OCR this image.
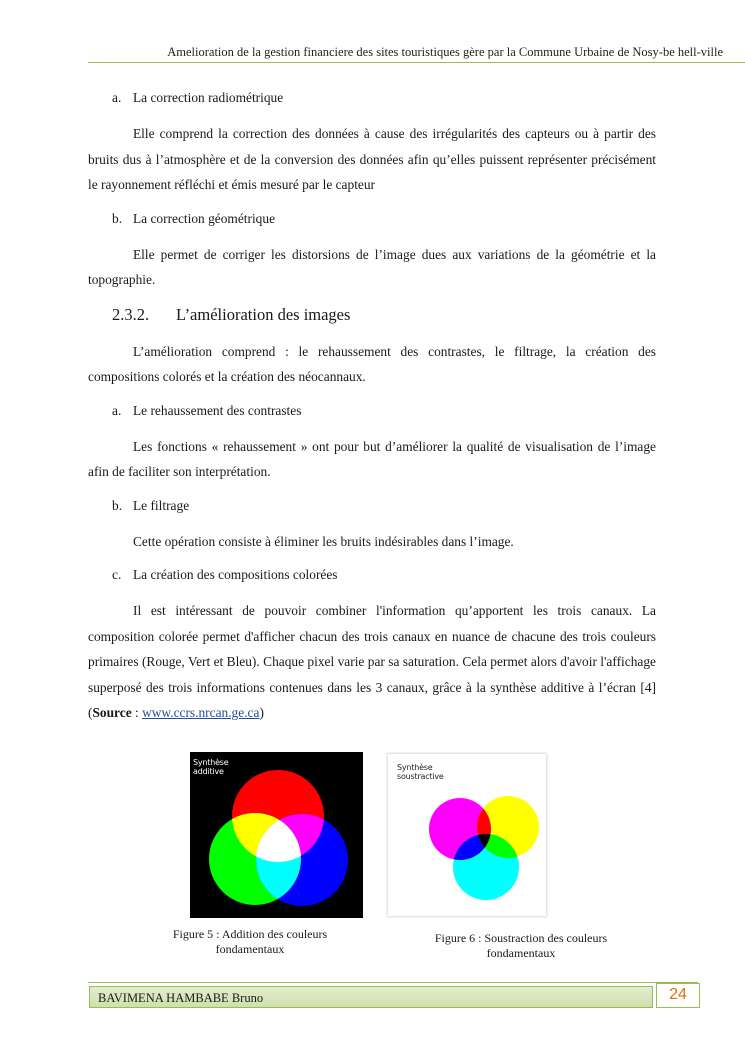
Amelioration de la gestion financiere des sites touristiques gère par la Commune Urbaine de Nosy-be hell-ville
a. La correction radiométrique

Elle comprend la correction des données à cause des irrégularités des capteurs ou à partir des bruits dus à l’atmosphère et de la conversion des données afin qu’elles puissent représenter précisément le rayonnement réfléchi et émis mesuré par le capteur

b. La correction géométrique

Elle permet de corriger les distorsions de l’image dues aux variations de la géométrie et la topographie.

2.3.2.	L’amélioration des images

L’amélioration comprend : le rehaussement des contrastes, le filtrage, la création des compositions colorés et la création des néocannaux.

a. Le rehaussement des contrastes

Les fonctions « rehaussement » ont pour but d’améliorer la qualité de visualisation de l’image afin de faciliter son interprétation.

b. Le filtrage

Cette opération consiste à éliminer les bruits indésirables dans l’image.

c. La création des compositions colorées

Il est intéressant de pouvoir combiner l'information qu’apportent les trois canaux. La composition colorée permet d'afficher chacun des trois canaux en nuance de chacune des trois couleurs primaires (Rouge, Vert et Bleu). Chaque pixel varie par sa saturation. Cela permet alors d'avoir l'affichage superposé des trois informations contenues dans les 3 canaux, grâce à la synthèse additive à l’écran [4] (Source : www.ccrs.nrcan.ge.ca)

Synthèse
additive
Figure 5 : Addition des couleurs fondamentaux
Synthèse
soustractive
Figure 6 : Soustraction des couleurs fondamentaux
BAVIMENA HAMBABE Bruno	24
